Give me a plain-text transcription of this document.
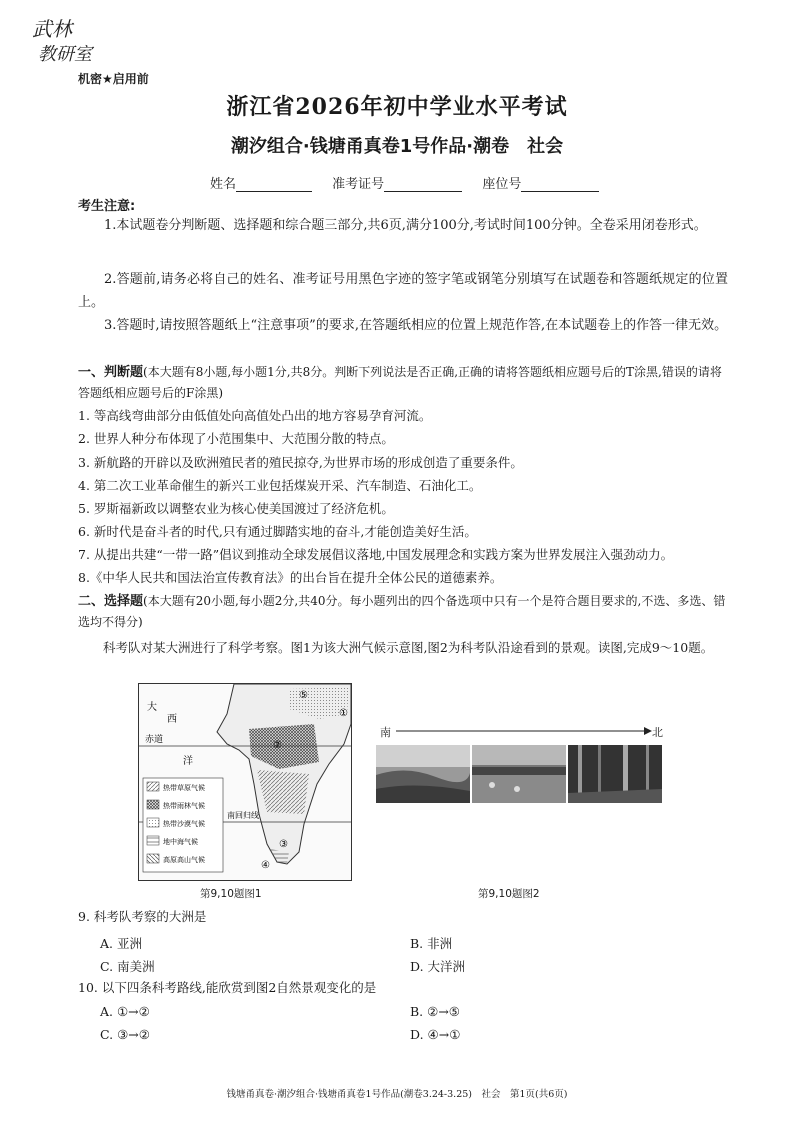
武林
教研室
机密★启用前
浙江省2026年初中学业水平考试
潮汐组合·钱塘甬真卷1号作品·潮卷　社会
姓名	准考证号	座位号
考生注意:
1.本试题卷分判断题、选择题和综合题三部分,共6页,满分100分,考试时间100分钟。全卷采用闭卷形式。
2.答题前,请务必将自己的姓名、准考证号用黑色字迹的签字笔或钢笔分别填写在试题卷和答题纸规定的位置上。
3.答题时,请按照答题纸上“注意事项”的要求,在答题纸相应的位置上规范作答,在本试题卷上的作答一律无效。
一、判断题(本大题有8小题,每小题1分,共8分。判断下列说法是否正确,正确的请将答题纸相应题号后的T涂黑,错误的请将答题纸相应题号后的F涂黑)
1. 等高线弯曲部分由低值处向高值处凸出的地方容易孕育河流。
2. 世界人种分布体现了小范围集中、大范围分散的特点。
3. 新航路的开辟以及欧洲殖民者的殖民掠夺,为世界市场的形成创造了重要条件。
4. 第二次工业革命催生的新兴工业包括煤炭开采、汽车制造、石油化工。
5. 罗斯福新政以调整农业为核心使美国渡过了经济危机。
6. 新时代是奋斗者的时代,只有通过脚踏实地的奋斗,才能创造美好生活。
7. 从提出共建“一带一路”倡议到推动全球发展倡议落地,中国发展理念和实践方案为世界发展注入强劲动力。
8.《中华人民共和国法治宣传教育法》的出台旨在提升全体公民的道德素养。
二、选择题(本大题有20小题,每小题2分,共40分。每小题列出的四个备选项中只有一个是符合题目要求的,不选、多选、错选均不得分)
科考队对某大洲进行了科学考察。图1为该大洲气候示意图,图2为科考队沿途看到的景观。读图,完成9～10题。
大
西
洋
赤道
南回归线
①
②
③
④
⑤
热带草原气候
热带雨林气候
热带沙漠气候
地中海气候
高原高山气候
第9,10题图1
南	北
第9,10题图2
9. 科考队考察的大洲是
A. 亚洲	B. 非洲
C. 南美洲	D. 大洋洲
10. 以下四条科考路线,能欣赏到图2自然景观变化的是
A. ①→②	B. ②→⑤
C. ③→②	D. ④→①
钱塘甬真卷·潮汐组合·钱塘甬真卷1号作品(潮卷3.24-3.25)　社会　第1页(共6页)
